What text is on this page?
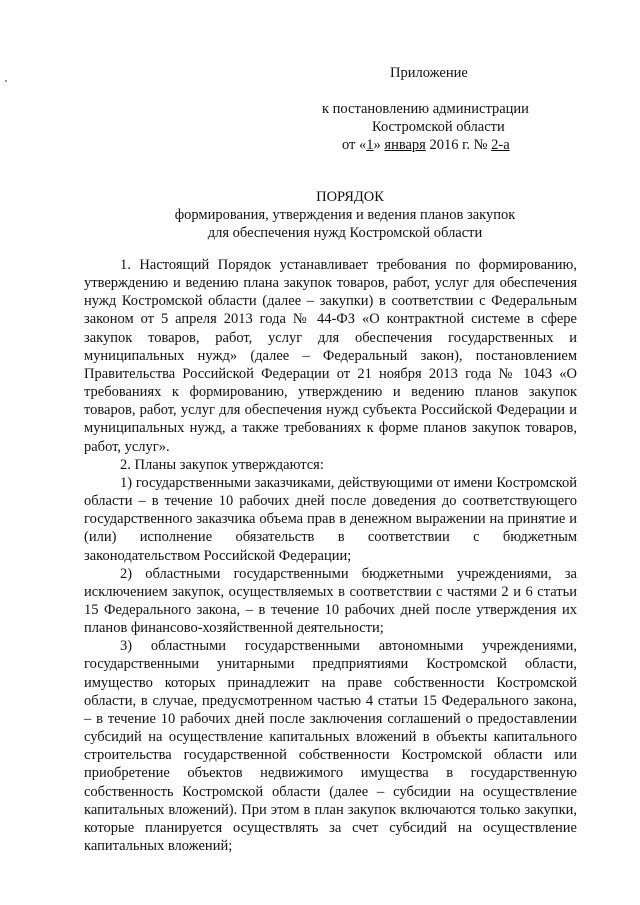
Приложение
к постановлению администрации
Костромской области
от «1» января 2016 г. № 2-а
ПОРЯДОК
формирования, утверждения и ведения планов закупок
для обеспечения нужд Костромской области

1. Настоящий Порядок устанавливает требования по формированию, утверждению и ведению плана закупок товаров, работ, услуг для обеспечения нужд Костромской области (далее – закупки) в соответствии с Федеральным законом от 5 апреля 2013 года № 44-ФЗ «О контрактной системе в сфере закупок товаров, работ, услуг для обеспечения государственных и муниципальных нужд» (далее – Федеральный закон), постановлением Правительства Российской Федерации от 21 ноября 2013 года № 1043 «О требованиях к формированию, утверждению и ведению планов закупок товаров, работ, услуг для обеспечения нужд субъекта Российской Федерации и муниципальных нужд, а также требованиях к форме планов закупок товаров, работ, услуг».

2. Планы закупок утверждаются:

1) государственными заказчиками, действующими от имени Костромской области – в течение 10 рабочих дней после доведения до соответствующего государственного заказчика объема прав в денежном выражении на принятие и (или) исполнение обязательств в соответствии с бюджетным законодательством Российской Федерации;

2) областными государственными бюджетными учреждениями, за исключением закупок, осуществляемых в соответствии с частями 2 и 6 статьи 15 Федерального закона, – в течение 10 рабочих дней после утверждения их планов финансово-хозяйственной деятельности;

3) областными государственными автономными учреждениями, государственными унитарными предприятиями Костромской области, имущество которых принадлежит на праве собственности Костромской области, в случае, предусмотренном частью 4 статьи 15 Федерального закона, – в течение 10 рабочих дней после заключения соглашений о предоставлении субсидий на осуществление капитальных вложений в объекты капитального строительства государственной собственности Костромской области или приобретение объектов недвижимого имущества в государственную собственность Костромской области (далее – субсидии на осуществление капитальных вложений). При этом в план закупок включаются только закупки, которые планируется осуществлять за счет субсидий на осуществление капитальных вложений;
